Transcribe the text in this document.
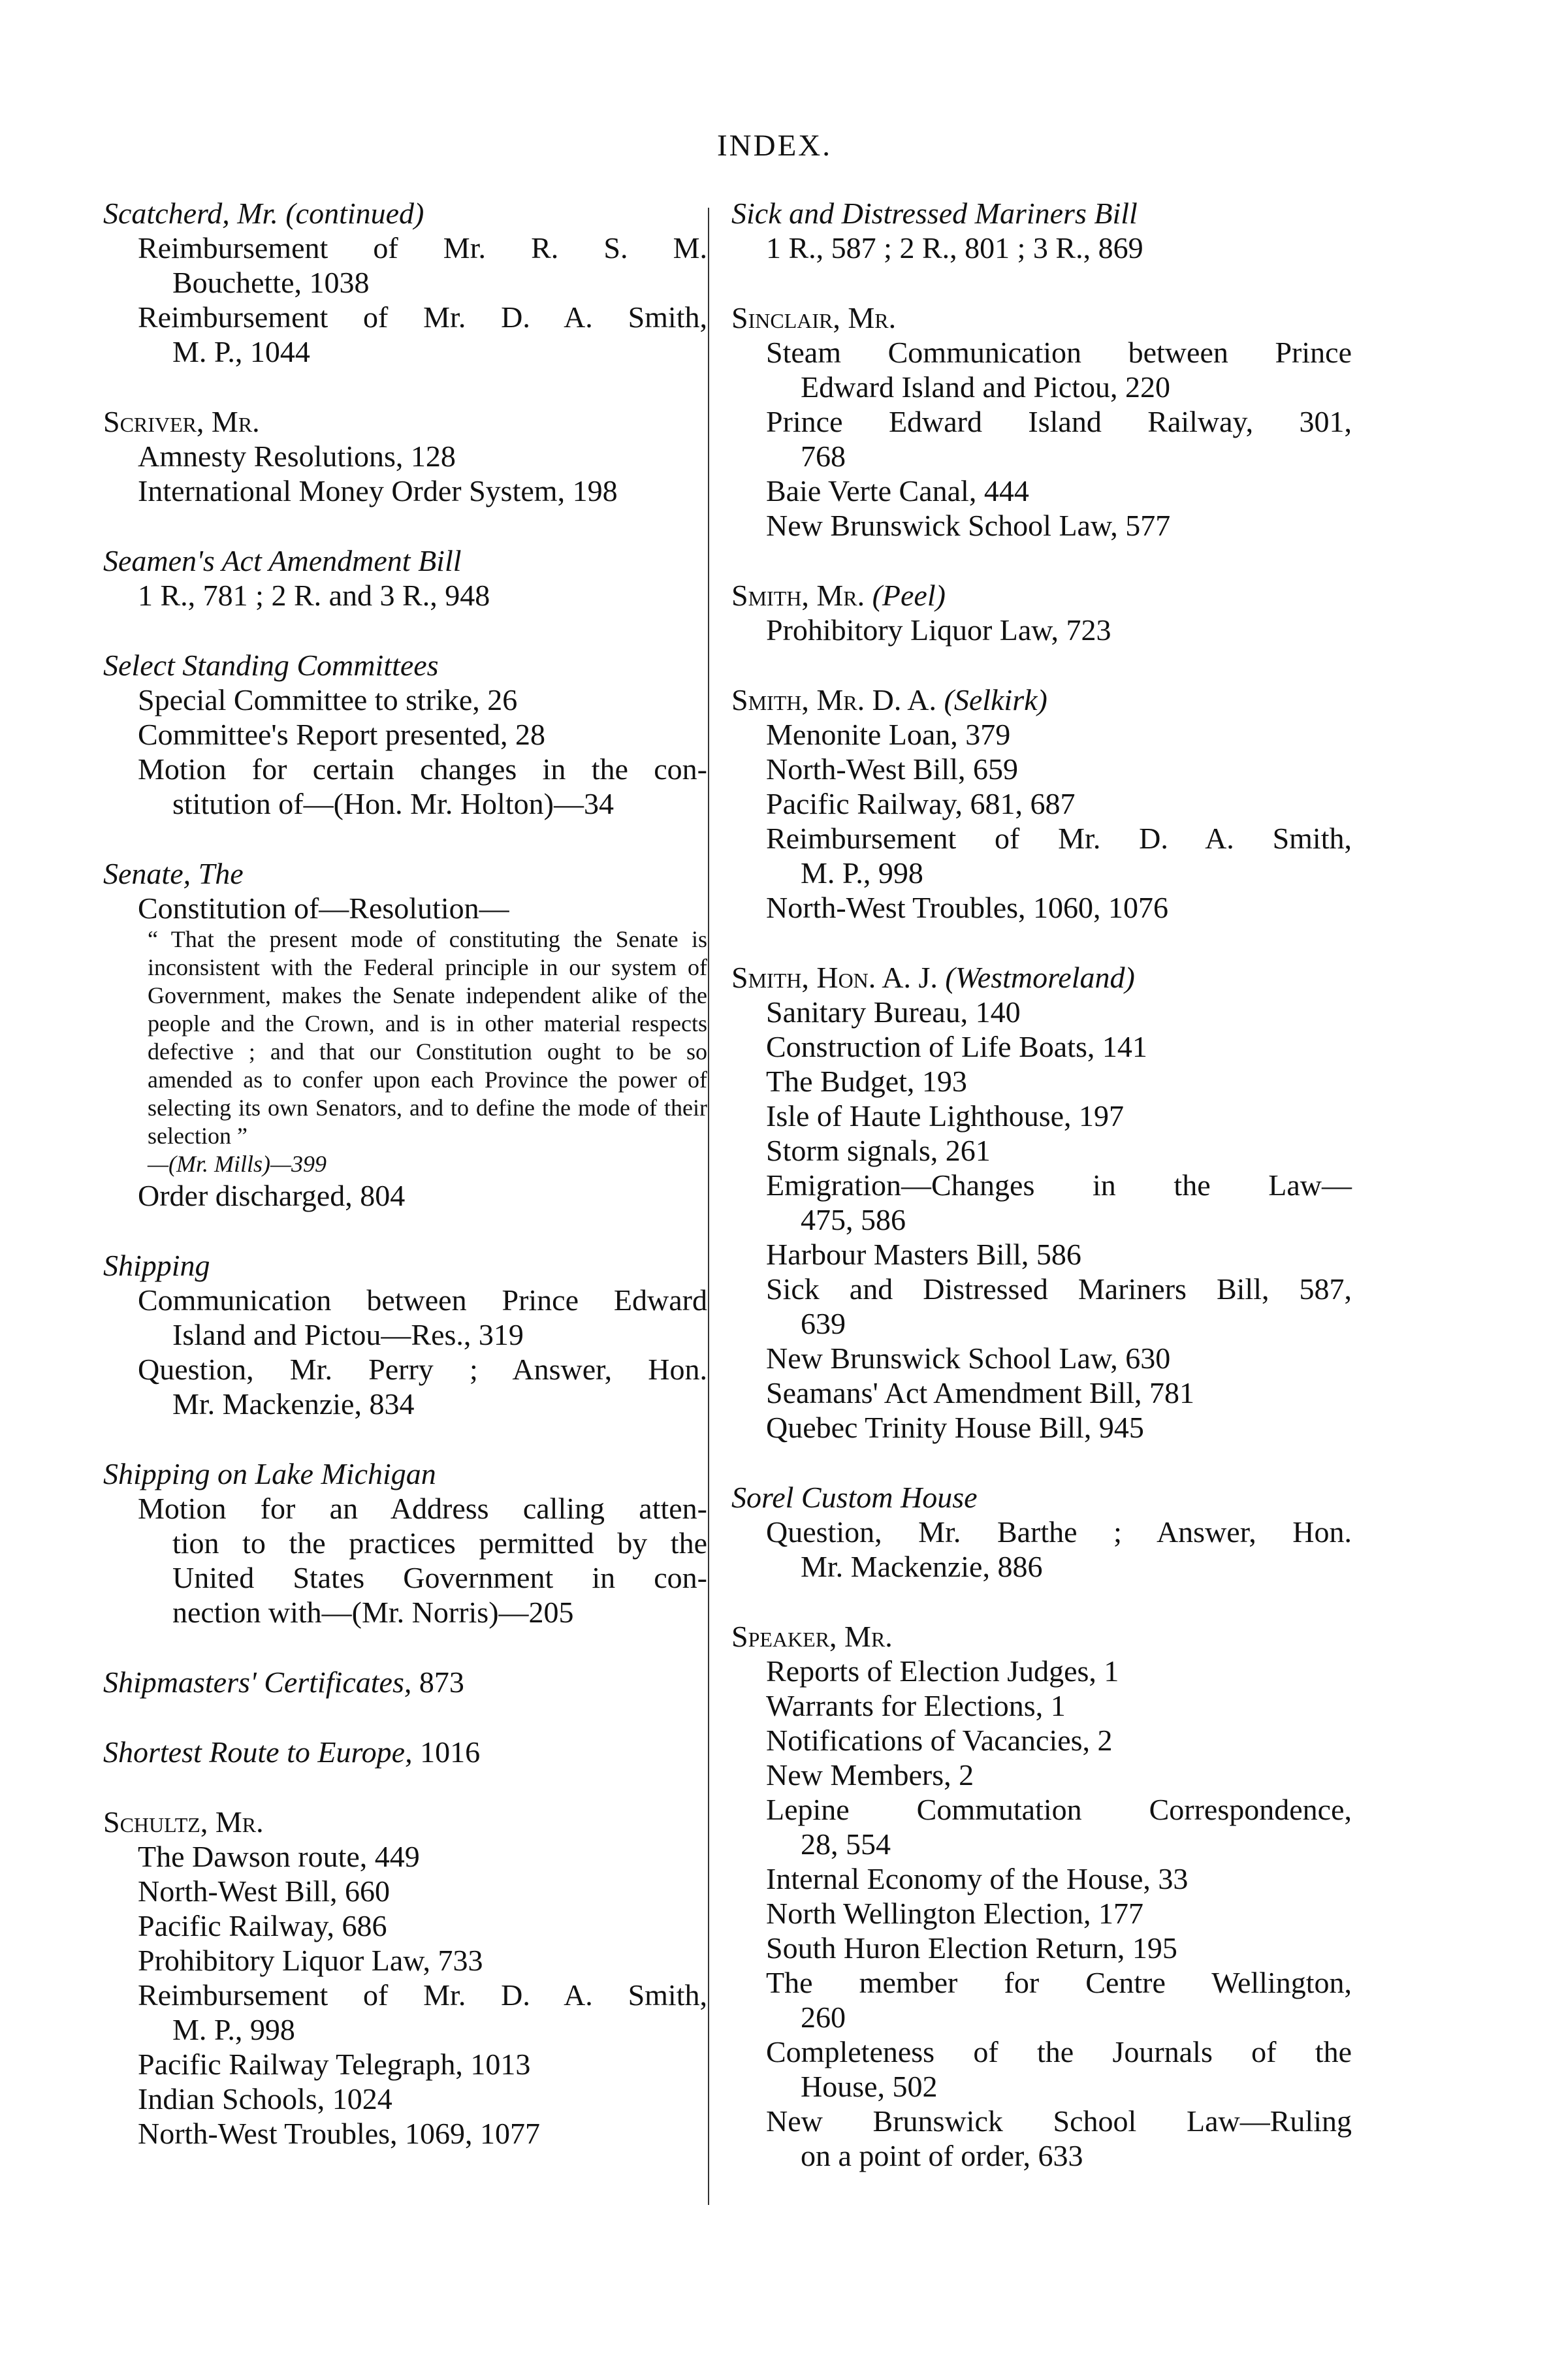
INDEX.
Scatcherd, Mr. (continued)
Reimbursement of Mr. R. S. M.
Bouchette, 1038
Reimbursement of Mr. D. A. Smith,
M. P., 1044
Scriver, Mr.
Amnesty Resolutions, 128
International Money Order System, 198
Seamen's Act Amendment Bill
1 R., 781 ; 2 R. and 3 R., 948
Select Standing Committees
Special Committee to strike, 26
Committee's Report presented, 28
Motion for certain changes in the con-
stitution of—(Hon. Mr. Holton)—34
Senate, The
Constitution of—Resolution—
“ That the present mode of constituting the Senate is inconsistent with the Federal principle in our system of Government, makes the Senate independent alike of the people and the Crown, and is in other material respects defective ; and that our Constitution ought to be so amended as to confer upon each Province the power of selecting its own Senators, and to define the mode of their selection ”
—(Mr. Mills)—399
Order discharged, 804
Shipping
Communication between Prince Edward
Island and Pictou—Res., 319
Question, Mr. Perry ; Answer, Hon.
Mr. Mackenzie, 834
Shipping on Lake Michigan
Motion for an Address calling atten-
tion to the practices permitted by the
United States Government in con-
nection with—(Mr. Norris)—205
Shipmasters' Certificates, 873
Shortest Route to Europe, 1016
Schultz, Mr.
The Dawson route, 449
North-West Bill, 660
Pacific Railway, 686
Prohibitory Liquor Law, 733
Reimbursement of Mr. D. A. Smith,
M. P., 998
Pacific Railway Telegraph, 1013
Indian Schools, 1024
North-West Troubles, 1069, 1077
Sick and Distressed Mariners Bill
1 R., 587 ; 2 R., 801 ; 3 R., 869
Sinclair, Mr.
Steam Communication between Prince
Edward Island and Pictou, 220
Prince Edward Island Railway, 301,
768
Baie Verte Canal, 444
New Brunswick School Law, 577
Smith, Mr. (Peel)
Prohibitory Liquor Law, 723
Smith, Mr. D. A. (Selkirk)
Menonite Loan, 379
North-West Bill, 659
Pacific Railway, 681, 687
Reimbursement of Mr. D. A. Smith,
M. P., 998
North-West Troubles, 1060, 1076
Smith, Hon. A. J. (Westmoreland)
Sanitary Bureau, 140
Construction of Life Boats, 141
The Budget, 193
Isle of Haute Lighthouse, 197
Storm signals, 261
Emigration—Changes in the Law—
475, 586
Harbour Masters Bill, 586
Sick and Distressed Mariners Bill, 587,
639
New Brunswick School Law, 630
Seamans' Act Amendment Bill, 781
Quebec Trinity House Bill, 945
Sorel Custom House
Question, Mr. Barthe ; Answer, Hon.
Mr. Mackenzie, 886
Speaker, Mr.
Reports of Election Judges, 1
Warrants for Elections, 1
Notifications of Vacancies, 2
New Members, 2
Lepine Commutation Correspondence,
28, 554
Internal Economy of the House, 33
North Wellington Election, 177
South Huron Election Return, 195
The member for Centre Wellington,
260
Completeness of the Journals of the
House, 502
New Brunswick School Law—Ruling
on a point of order, 633
